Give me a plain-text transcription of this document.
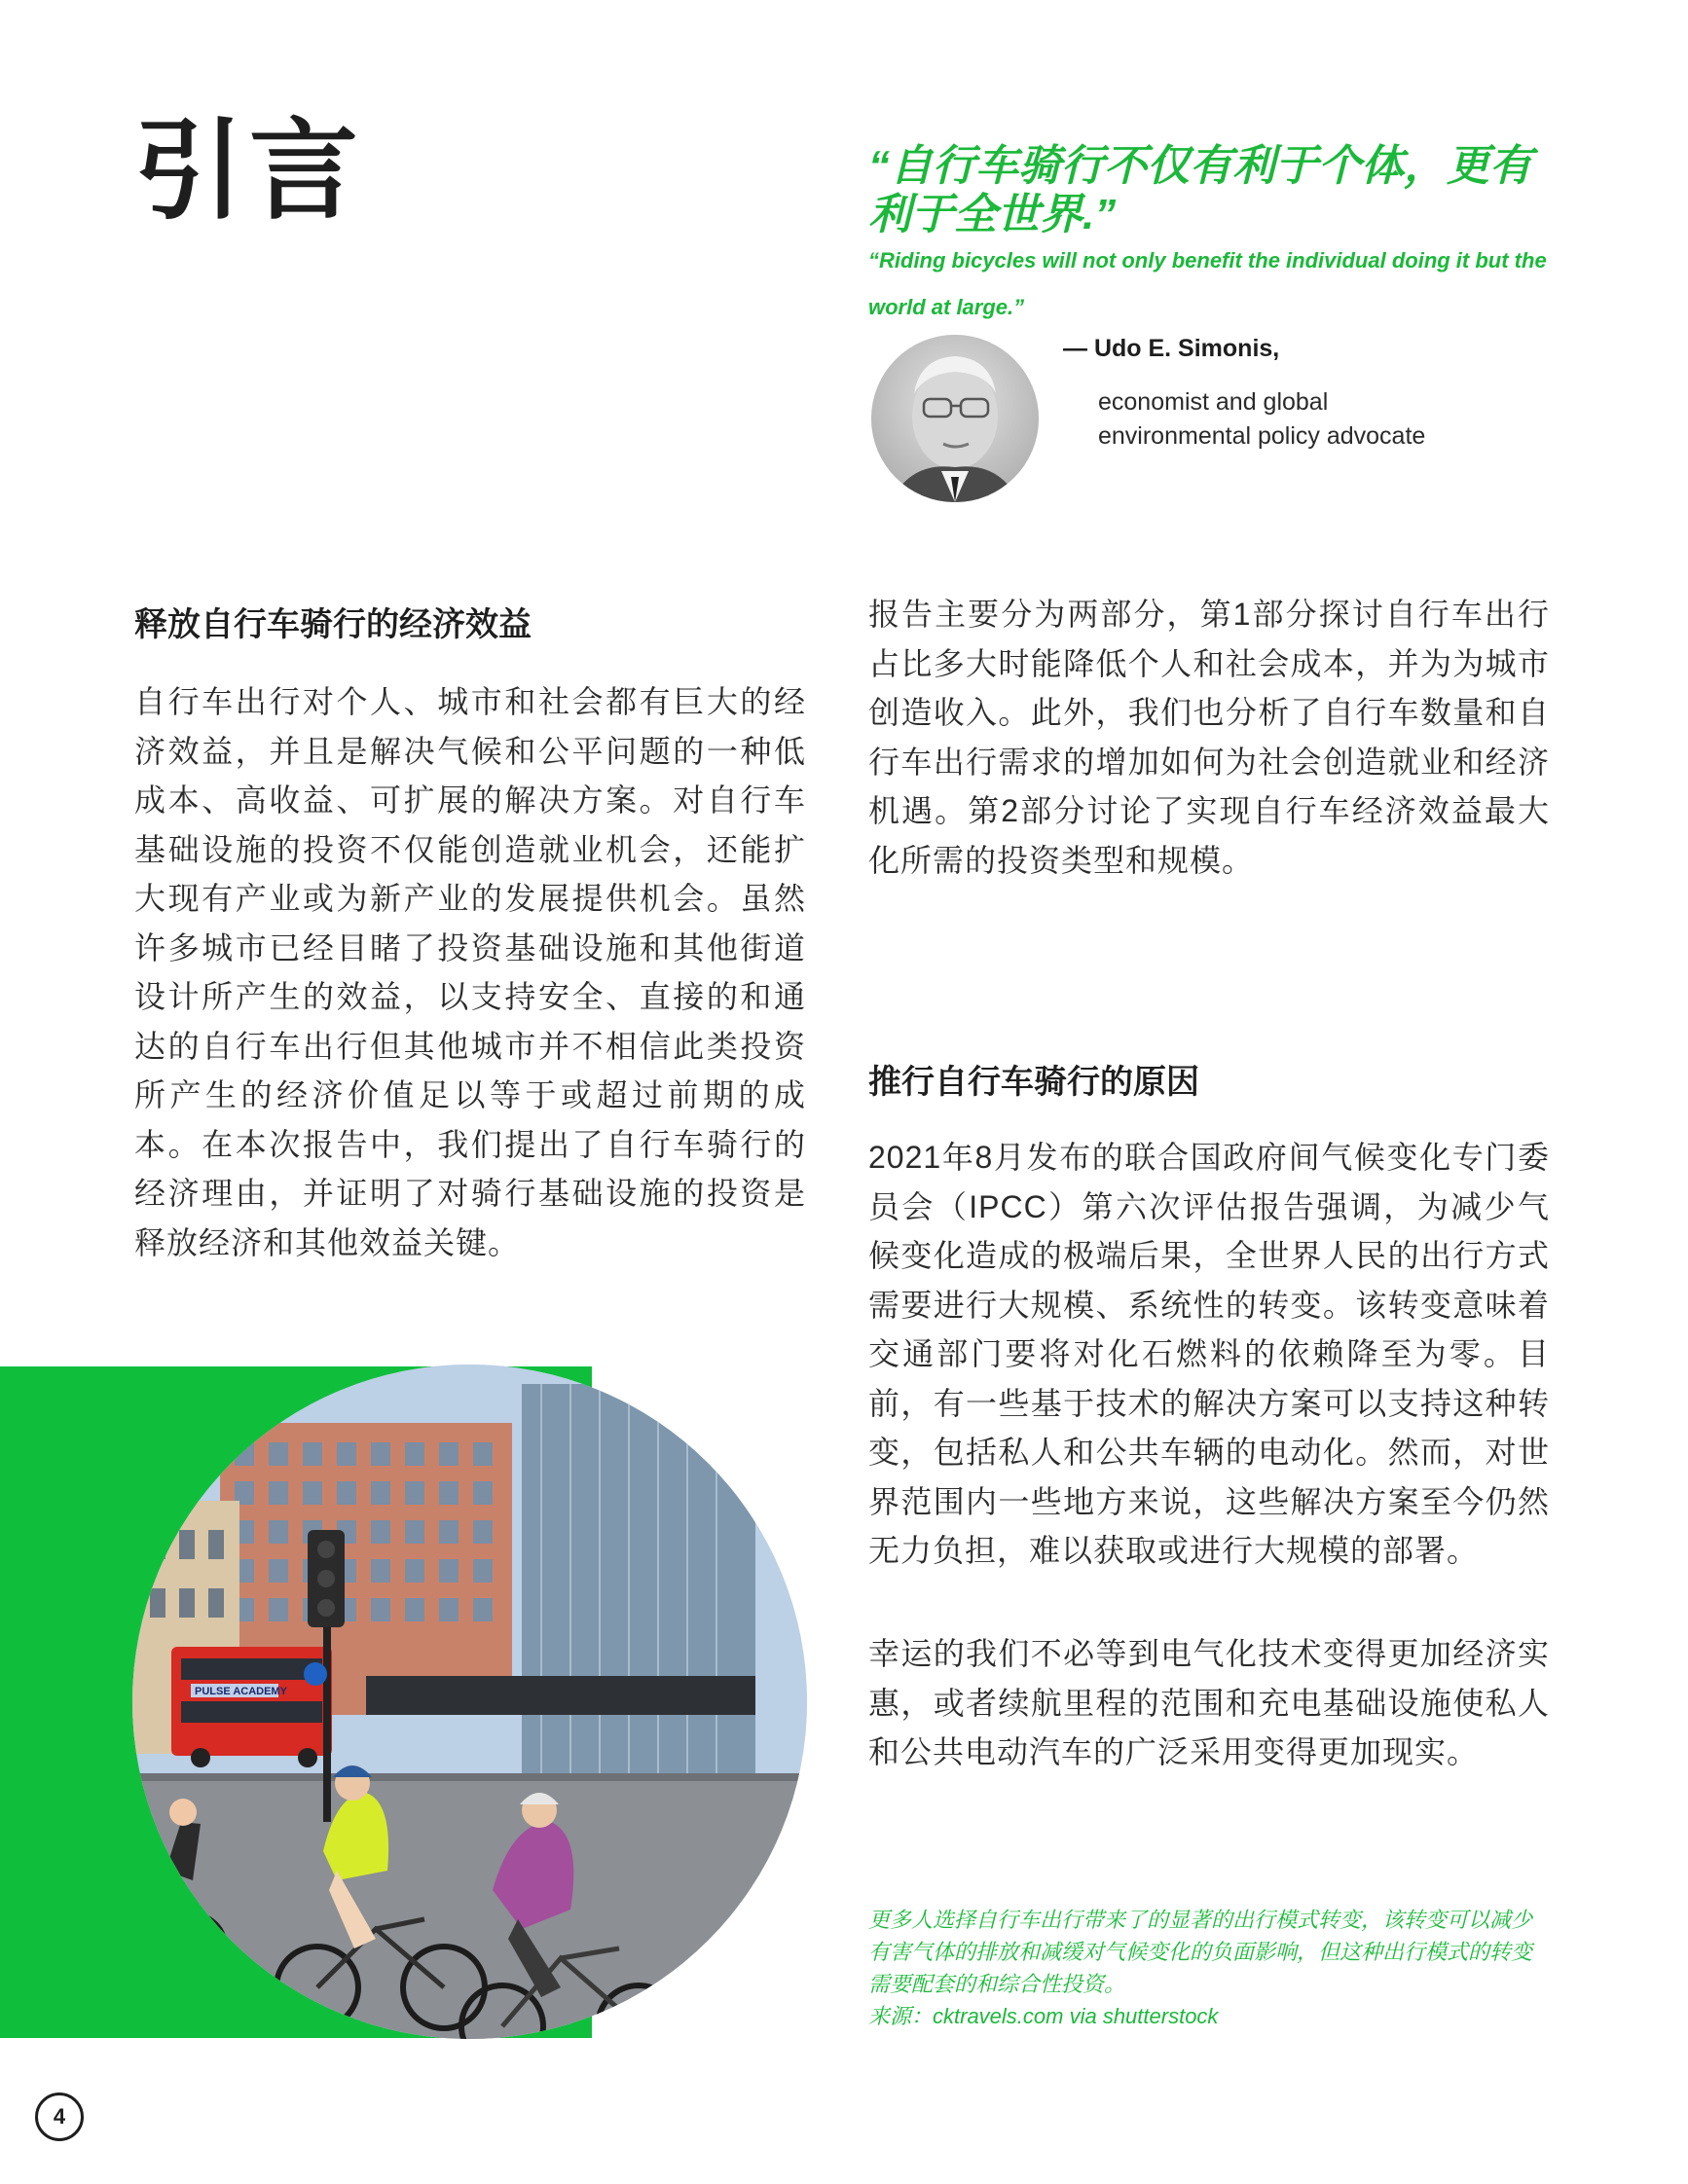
引言	“自行车骑行不仅有利于个体，更有利于全世界.”
“Riding bicycles will not only benefit the individual doing it but the world at large.”
— Udo E. Simonis,
economist and global
environmental policy advocate
释放自行车骑行的经济效益
自行车出行对个人、城市和社会都有巨大的经济效益，并且是解决气候和公平问题的一种低成本、高收益、可扩展的解决方案。对自行车基础设施的投资不仅能创造就业机会，还能扩大现有产业或为新产业的发展提供机会。虽然许多城市已经目睹了投资基础设施和其他街道设计所产生的效益，以支持安全、直接的和通达的自行车出行但其他城市并不相信此类投资所产生的经济价值足以等于或超过前期的成本。在本次报告中，我们提出了自行车骑行的经济理由，并证明了对骑行基础设施的投资是释放经济和其他效益关键。
报告主要分为两部分，第1部分探讨自行车出行占比多大时能降低个人和社会成本，并为为城市创造收入。此外，我们也分析了自行车数量和自行车出行需求的增加如何为社会创造就业和经济机遇。第2部分讨论了实现自行车经济效益最大化所需的投资类型和规模。
推行自行车骑行的原因
2021年8月发布的联合国政府间气候变化专门委员会（IPCC）第六次评估报告强调，为减少气候变化造成的极端后果，全世界人民的出行方式需要进行大规模、系统性的转变。该转变意味着交通部门要将对化石燃料的依赖降至为零。目前，有一些基于技术的解决方案可以支持这种转变，包括私人和公共车辆的电动化。然而，对世界范围内一些地方来说，这些解决方案至今仍然无力负担，难以获取或进行大规模的部署。
幸运的我们不必等到电气化技术变得更加经济实惠，或者续航里程的范围和充电基础设施使私人和公共电动汽车的广泛采用变得更加现实。
PULSE ACADEMY
更多人选择自行车出行带来了的显著的出行模式转变，该转变可以减少有害气体的排放和减缓对气候变化的负面影响，但这种出行模式的转变需要配套的和综合性投资。
来源：cktravels.com via shutterstock
4
